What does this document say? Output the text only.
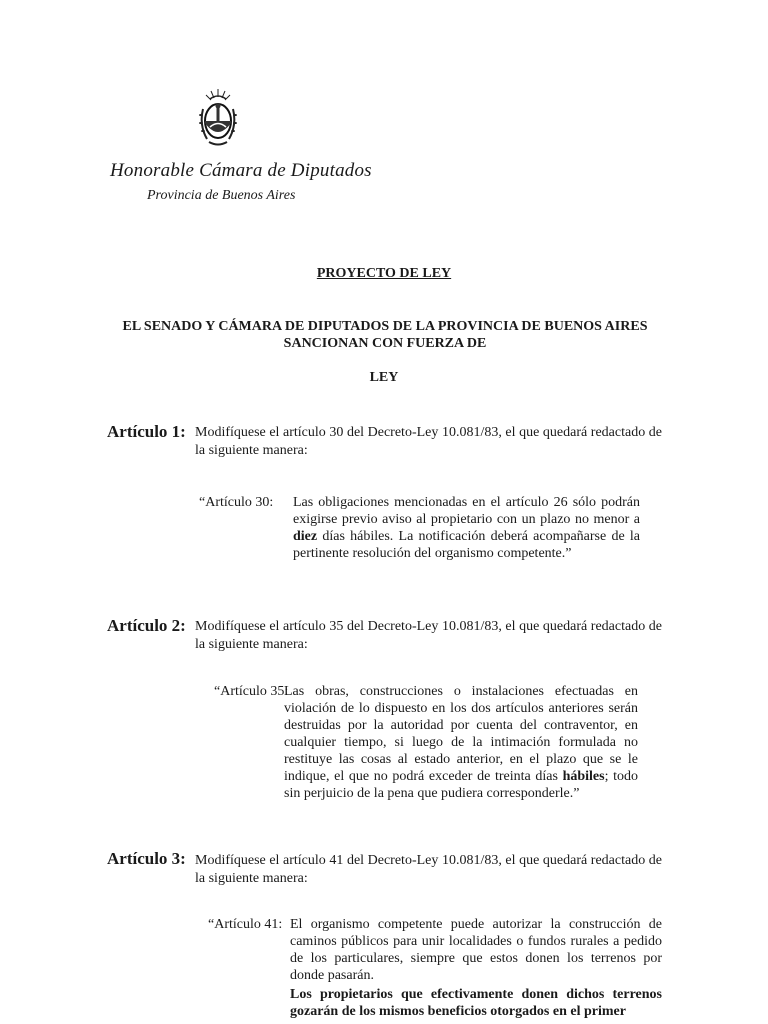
Honorable Cámara de Diputados
Provincia de Buenos Aires
PROYECTO DE LEY
EL SENADO Y CÁMARA DE DIPUTADOS DE LA PROVINCIA DE BUENOS AIRES SANCIONAN CON FUERZA DE
LEY
Artículo 1: Modifíquese el artículo 30 del Decreto-Ley 10.081/83, el que quedará redactado de la siguiente manera:
“Artículo 30: Las obligaciones mencionadas en el artículo 26 sólo podrán exigirse previo aviso al propietario con un plazo no menor a diez días hábiles. La notificación deberá acompañarse de la pertinente resolución del organismo competente.”
Artículo 2: Modifíquese el artículo 35 del Decreto-Ley 10.081/83, el que quedará redactado de la siguiente manera:
“Artículo 35:
Las obras, construcciones o instalaciones efectuadas en violación de lo dispuesto en los dos artículos anteriores serán destruidas por la autoridad por cuenta del contraventor, en cualquier tiempo, si luego de la intimación formulada no restituye las cosas al estado anterior, en el plazo que se le indique, el que no podrá exceder de treinta días hábiles; todo sin perjuicio de la pena que pudiera corresponderle.”
Artículo 3: Modifíquese el artículo 41 del Decreto-Ley 10.081/83, el que quedará redactado de la siguiente manera:
“Artículo 41: El organismo competente puede autorizar la construcción de caminos públicos para unir localidades o fundos rurales a pedido de los particulares, siempre que estos donen los terrenos por donde pasarán.
Los propietarios que efectivamente donen dichos terrenos gozarán de los mismos beneficios otorgados en el primer
